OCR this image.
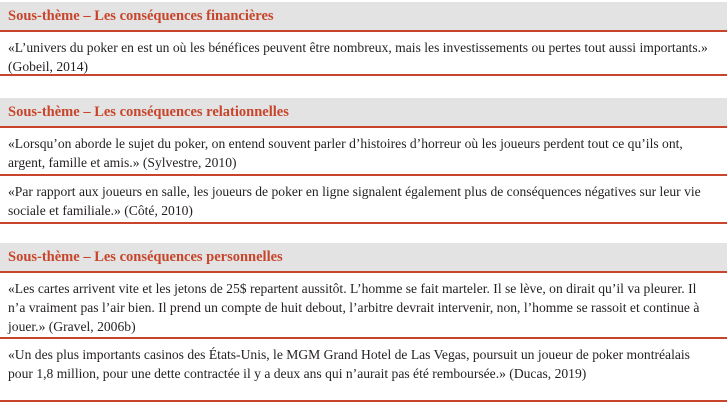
Sous-thème – Les conséquences financières
«L’univers du poker en est un où les bénéfices peuvent être nombreux, mais les investissements ou pertes tout aussi importants.» (Gobeil, 2014)
Sous-thème – Les conséquences relationnelles
«Lorsqu’on aborde le sujet du poker, on entend souvent parler d’histoires d’horreur où les joueurs perdent tout ce qu’ils ont, argent, famille et amis.» (Sylvestre, 2010)
«Par rapport aux joueurs en salle, les joueurs de poker en ligne signalent également plus de conséquences négatives sur leur vie sociale et familiale.» (Côté, 2010)
Sous-thème – Les conséquences personnelles
«Les cartes arrivent vite et les jetons de 25$ repartent aussitôt. L’homme se fait marteler. Il se lève, on dirait qu’il va pleurer. Il n’a vraiment pas l’air bien. Il prend un compte de huit debout, l’arbitre devrait intervenir, non, l’homme se rassoit et continue à jouer.» (Gravel, 2006b)
«Un des plus importants casinos des États-Unis, le MGM Grand Hotel de Las Vegas, poursuit un joueur de poker montréalais pour 1,8 million, pour une dette contractée il y a deux ans qui n’aurait pas été remboursée.» (Ducas, 2019)
